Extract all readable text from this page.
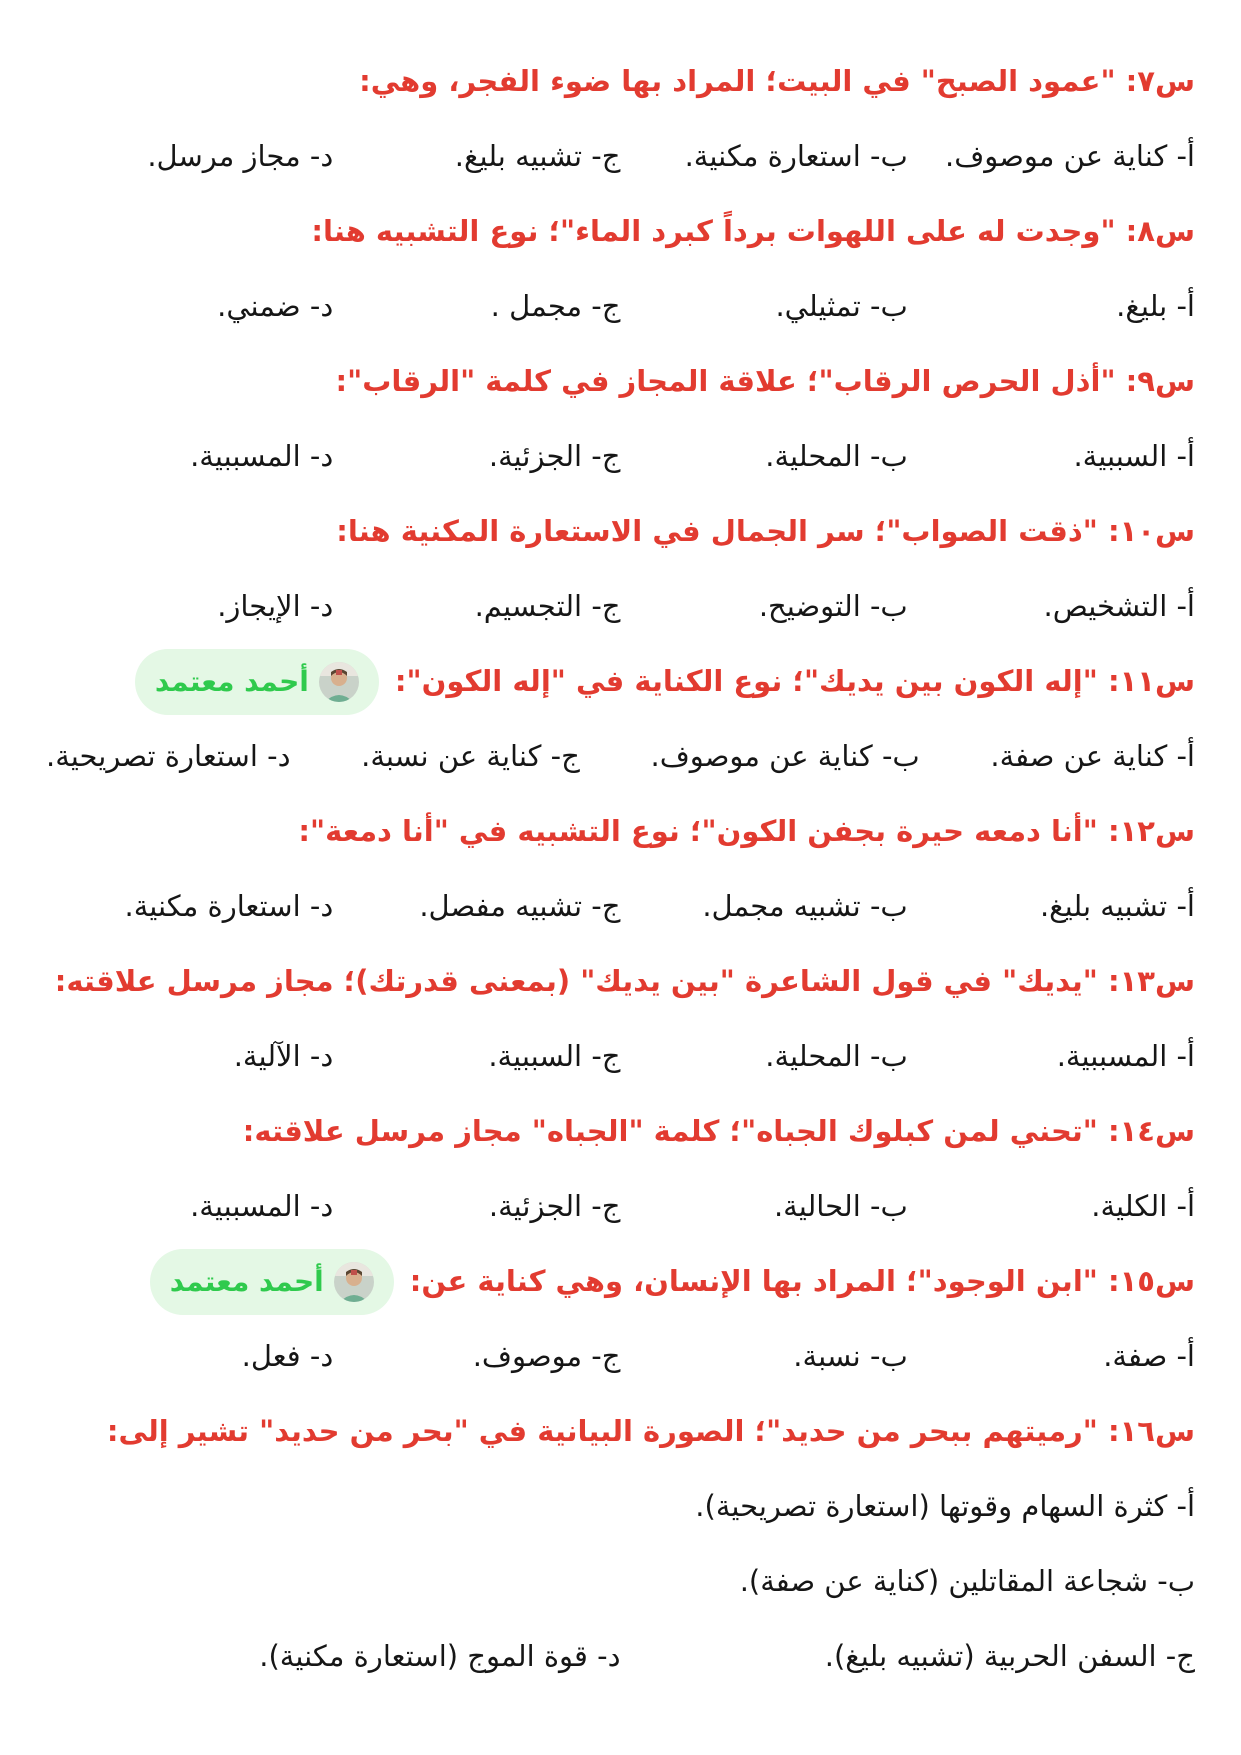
س٧: "عمود الصبح" في البيت؛ المراد بها ضوء الفجر، وهي:
أ- كناية عن موصوف.
ب- استعارة مكنية.
ج- تشبيه بليغ.
د- مجاز مرسل.
س٨: "وجدت له على اللهوات برداً كبرد الماء"؛ نوع التشبيه هنا:
أ- بليغ.
ب- تمثيلي.
ج- مجمل .
د- ضمني.
س٩: "أذل الحرص الرقاب"؛ علاقة المجاز في كلمة "الرقاب":
أ- السببية.
ب- المحلية.
ج- الجزئية.
د- المسببية.
س١٠: "ذقت الصواب"؛ سر الجمال في الاستعارة المكنية هنا:
أ- التشخيص.
ب- التوضيح.
ج- التجسيم.
د- الإيجاز.
س١١: "إله الكون بين يديك"؛ نوع الكناية في "إله الكون":
أحمد معتمد
أ- كناية عن صفة.
ب- كناية عن موصوف.
ج- كناية عن نسبة.
د- استعارة تصريحية.
س١٢: "أنا دمعه حيرة بجفن الكون"؛ نوع التشبيه في "أنا دمعة":
أ- تشبيه بليغ.
ب- تشبيه مجمل.
ج- تشبيه مفصل.
د- استعارة مكنية.
س١٣: "يديك" في قول الشاعرة "بين يديك" (بمعنى قدرتك)؛ مجاز مرسل علاقته:
أ- المسببية.
ب- المحلية.
ج- السببية.
د- الآلية.
س١٤: "تحني لمن كبلوك الجباه"؛ كلمة "الجباه" مجاز مرسل علاقته:
أ- الكلية.
ب- الحالية.
ج- الجزئية.
د- المسببية.
س١٥: "ابن الوجود"؛ المراد بها الإنسان، وهي كناية عن:
أحمد معتمد
أ- صفة.
ب- نسبة.
ج- موصوف.
د- فعل.
س١٦: "رميتهم ببحر من حديد"؛ الصورة البيانية في "بحر من حديد" تشير إلى:
أ- كثرة السهام وقوتها (استعارة تصريحية).
ب- شجاعة المقاتلين (كناية عن صفة).
ج- السفن الحربية (تشبيه بليغ).
د- قوة الموج (استعارة مكنية).
